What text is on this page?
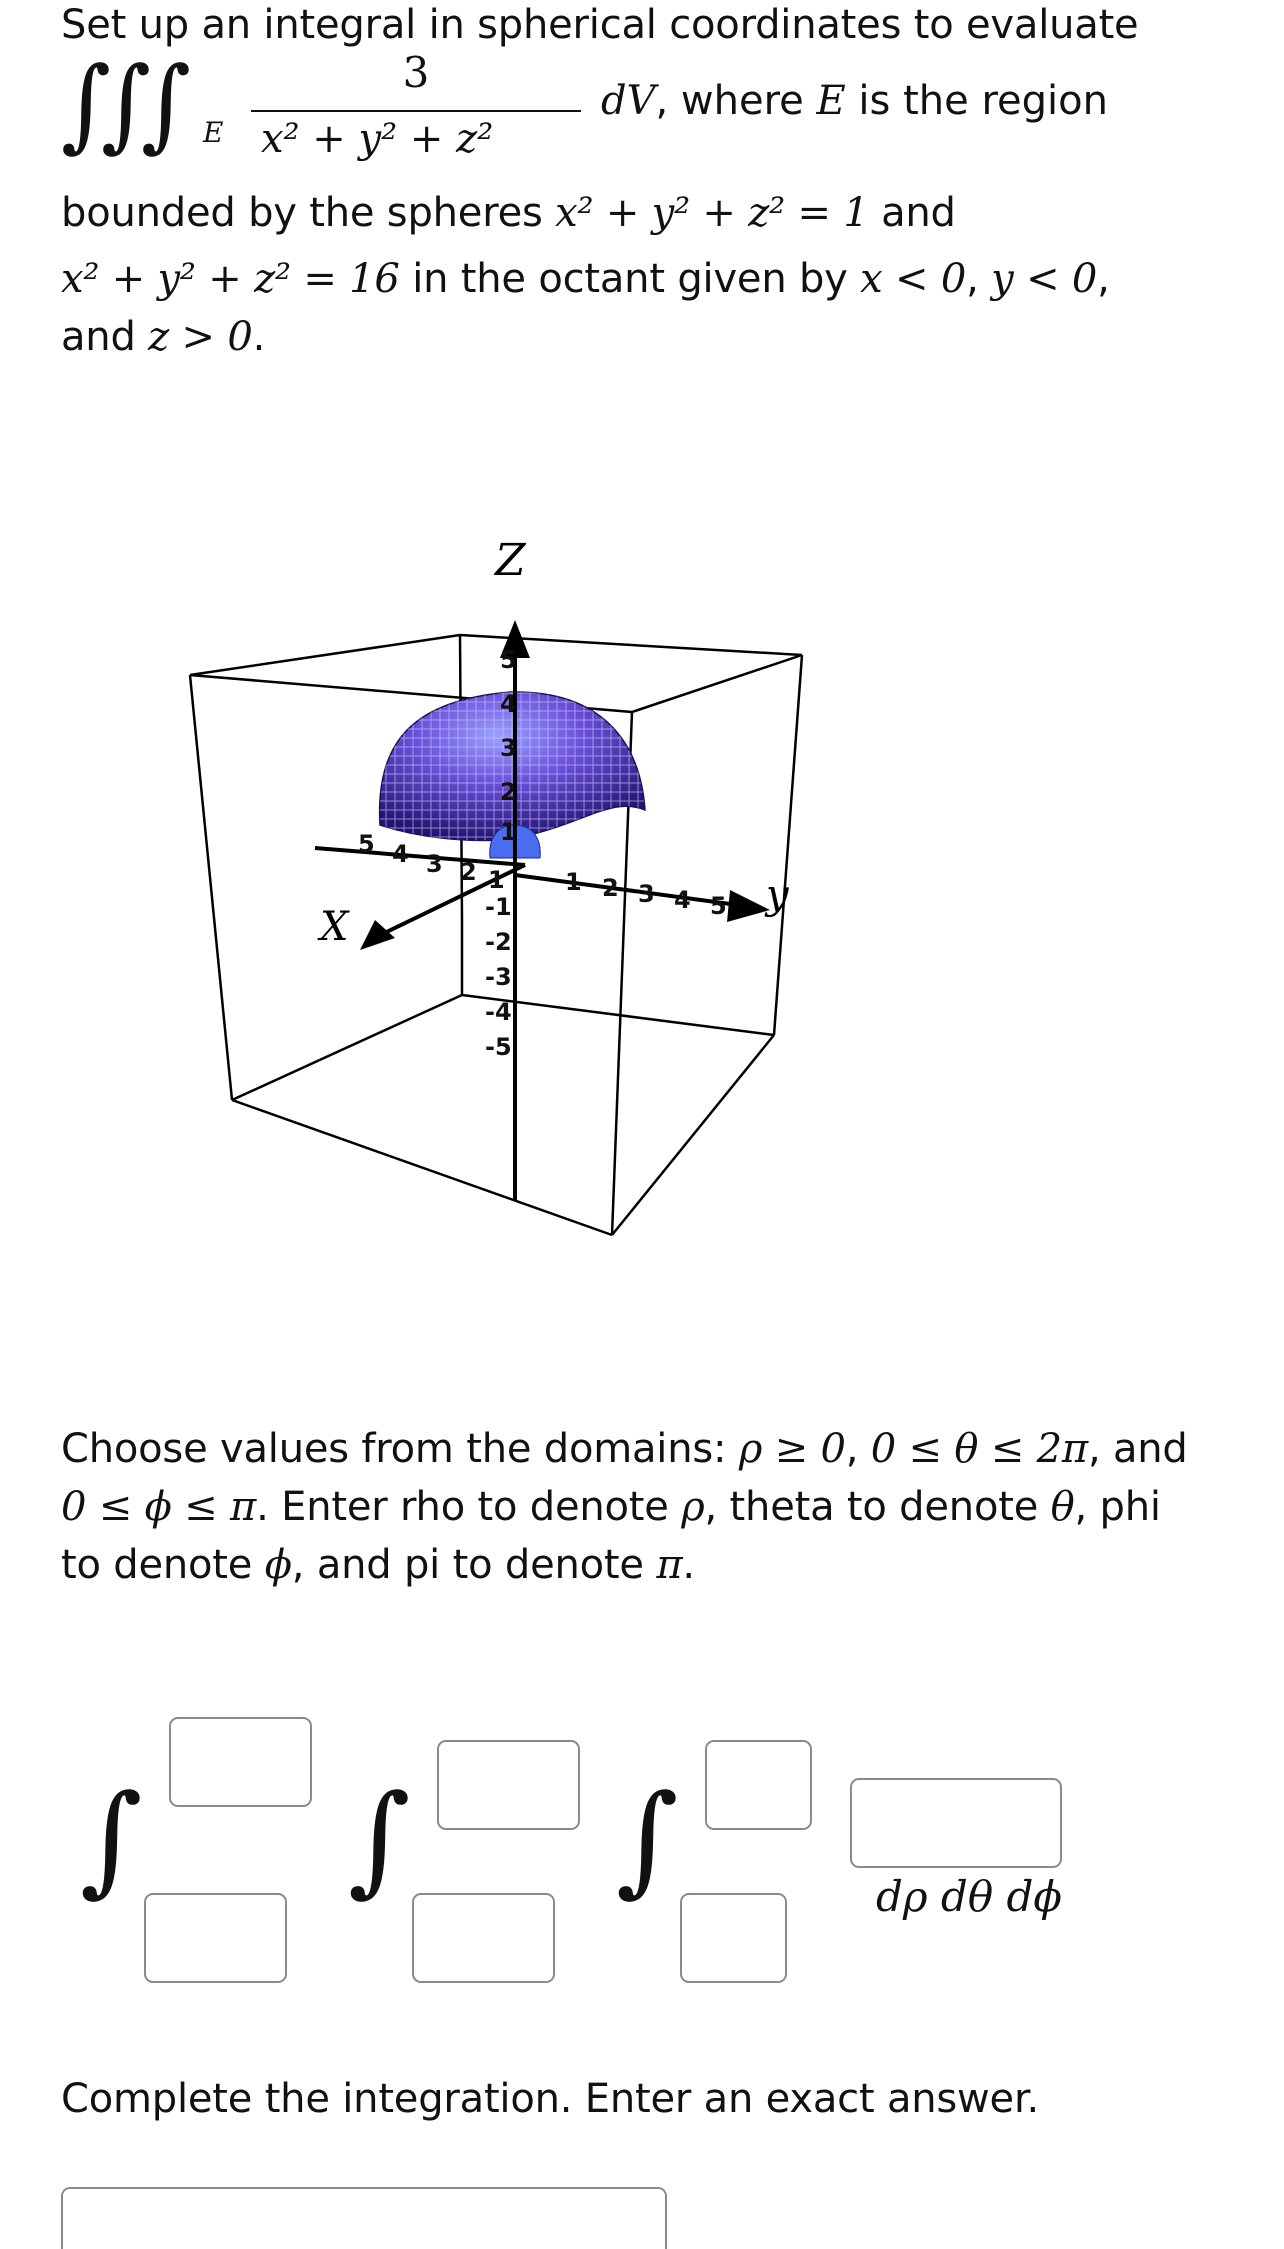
Set up an integral in spherical coordinates to evaluate
∫
∫
∫ E
3
x² + y² + z²
dV, where E is the region
bounded by the spheres x² + y² + z² = 1 and
x² + y² + z² = 16 in the octant given by x < 0, y < 0,
and z > 0.
Z
X
y
5
4
3
2
1
-1
-2
-3
-4
-5
5 4 3 2 1	1 2 3 4 5
Choose values from the domains: ρ ≥ 0, 0 ≤ θ ≤ 2π, and
0 ≤ ϕ ≤ π. Enter rho to denote ρ, theta to denote θ, phi
to denote ϕ, and pi to denote π.
∫ ∫ ∫	dρ dθ dϕ
Complete the integration. Enter an exact answer.
